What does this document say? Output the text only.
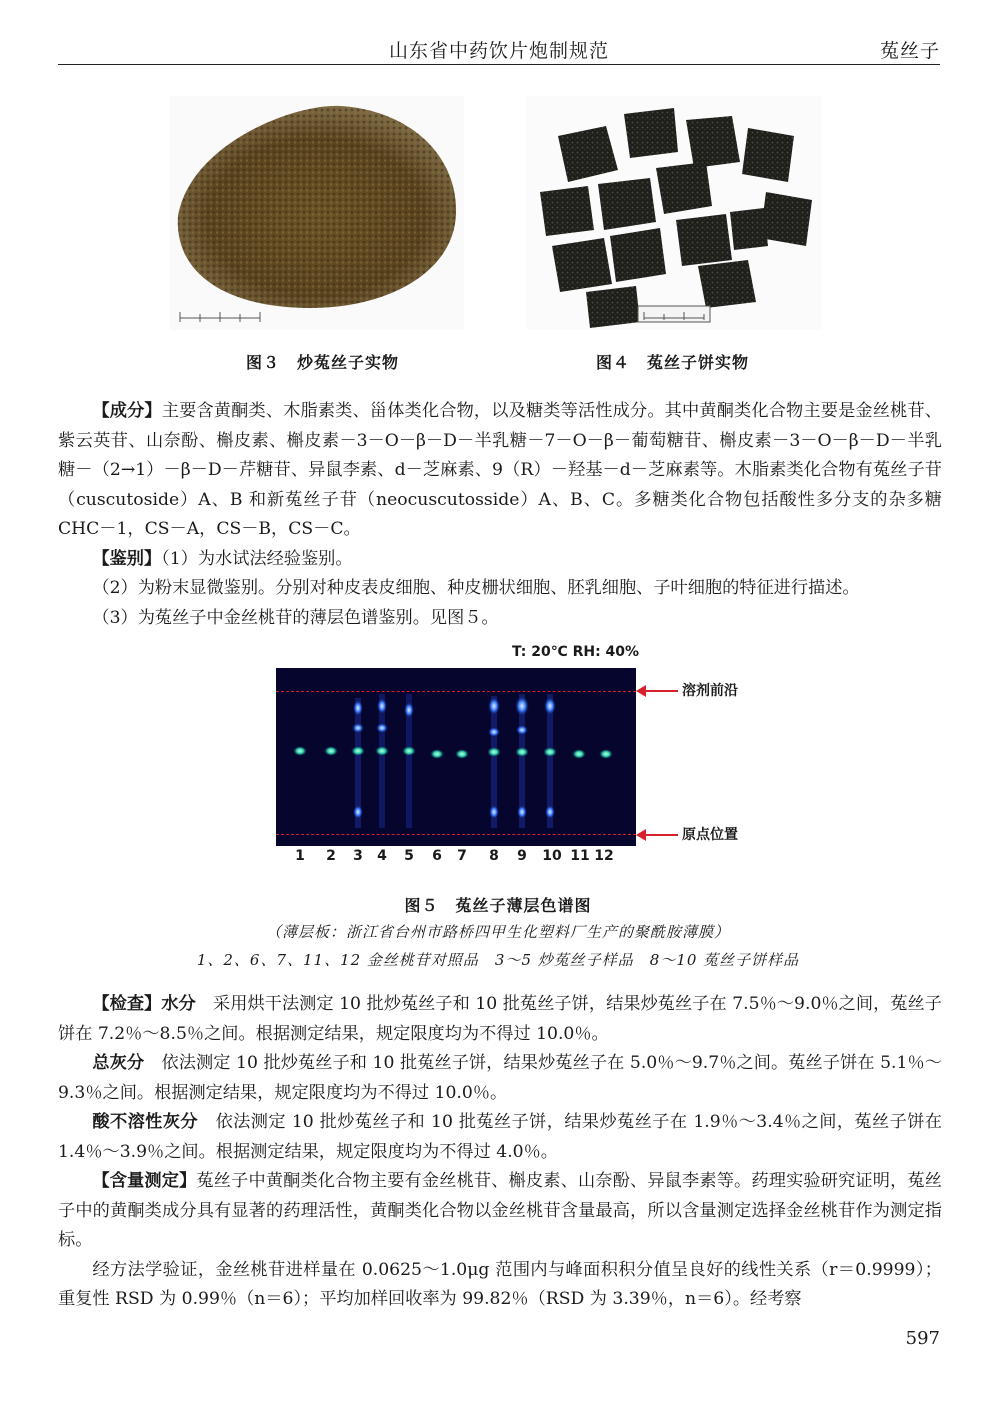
山东省中药饮片炮制规范	菟丝子
图３　炒菟丝子实物	图４　菟丝子饼实物

【成分】主要含黄酮类、木脂素类、甾体类化合物，以及糖类等活性成分。其中黄酮类化合物主要是金丝桃苷、紫云英苷、山奈酚、槲皮素、槲皮素－3－O－β－D－半乳糖－7－O－β－葡萄糖苷、槲皮素－3－O－β－D－半乳糖－（2→1）－β－D－芹糖苷、异鼠李素、d－芝麻素、9（R）－羟基－d－芝麻素等。木脂素类化合物有菟丝子苷（cuscutoside）A、B 和新菟丝子苷（neocuscutosside）A、B、C。多糖类化合物包括酸性多分支的杂多糖 CHC－1，CS－A，CS－B，CS－C。

【鉴别】（1）为水试法经验鉴别。

（2）为粉末显微鉴别。分别对种皮表皮细胞、种皮栅状细胞、胚乳细胞、子叶细胞的特征进行描述。

（3）为菟丝子中金丝桃苷的薄层色谱鉴别。见图５。

T: 20℃ RH: 40%
溶剂前沿
原点位置
1	2	3	4	5	6	7	8	9	10 11 12
图５　菟丝子薄层色谱图
（薄层板：浙江省台州市路桥四甲生化塑料厂生产的聚酰胺薄膜）
1、2、6、7、11、12 金丝桃苷对照品　3～5 炒菟丝子样品　8～10 菟丝子饼样品

【检查】水分　 采用烘干法测定 10 批炒菟丝子和 10 批菟丝子饼，结果炒菟丝子在 7.5％～9.0％之间，菟丝子饼在 7.2％～8.5％之间。根据测定结果，规定限度均为不得过 10.0％。

总灰分　 依法测定 10 批炒菟丝子和 10 批菟丝子饼，结果炒菟丝子在 5.0％～9.7％之间。菟丝子饼在 5.1％～9.3％之间。根据测定结果，规定限度均为不得过 10.0％。

酸不溶性灰分　 依法测定 10 批炒菟丝子和 10 批菟丝子饼，结果炒菟丝子在 1.9％～3.4％之间，菟丝子饼在 1.4％～3.9％之间。根据测定结果，规定限度均为不得过 4.0％。

【含量测定】菟丝子中黄酮类化合物主要有金丝桃苷、槲皮素、山奈酚、异鼠李素等。药理实验研究证明，菟丝子中的黄酮类成分具有显著的药理活性，黄酮类化合物以金丝桃苷含量最高，所以含量测定选择金丝桃苷作为测定指标。

经方法学验证，金丝桃苷进样量在 0.0625～1.0μg 范围内与峰面积积分值呈良好的线性关系（r＝0.9999）；重复性 RSD 为 0.99％（n＝6）；平均加样回收率为 99.82％（RSD 为 3.39％，n＝6）。经考察

597
